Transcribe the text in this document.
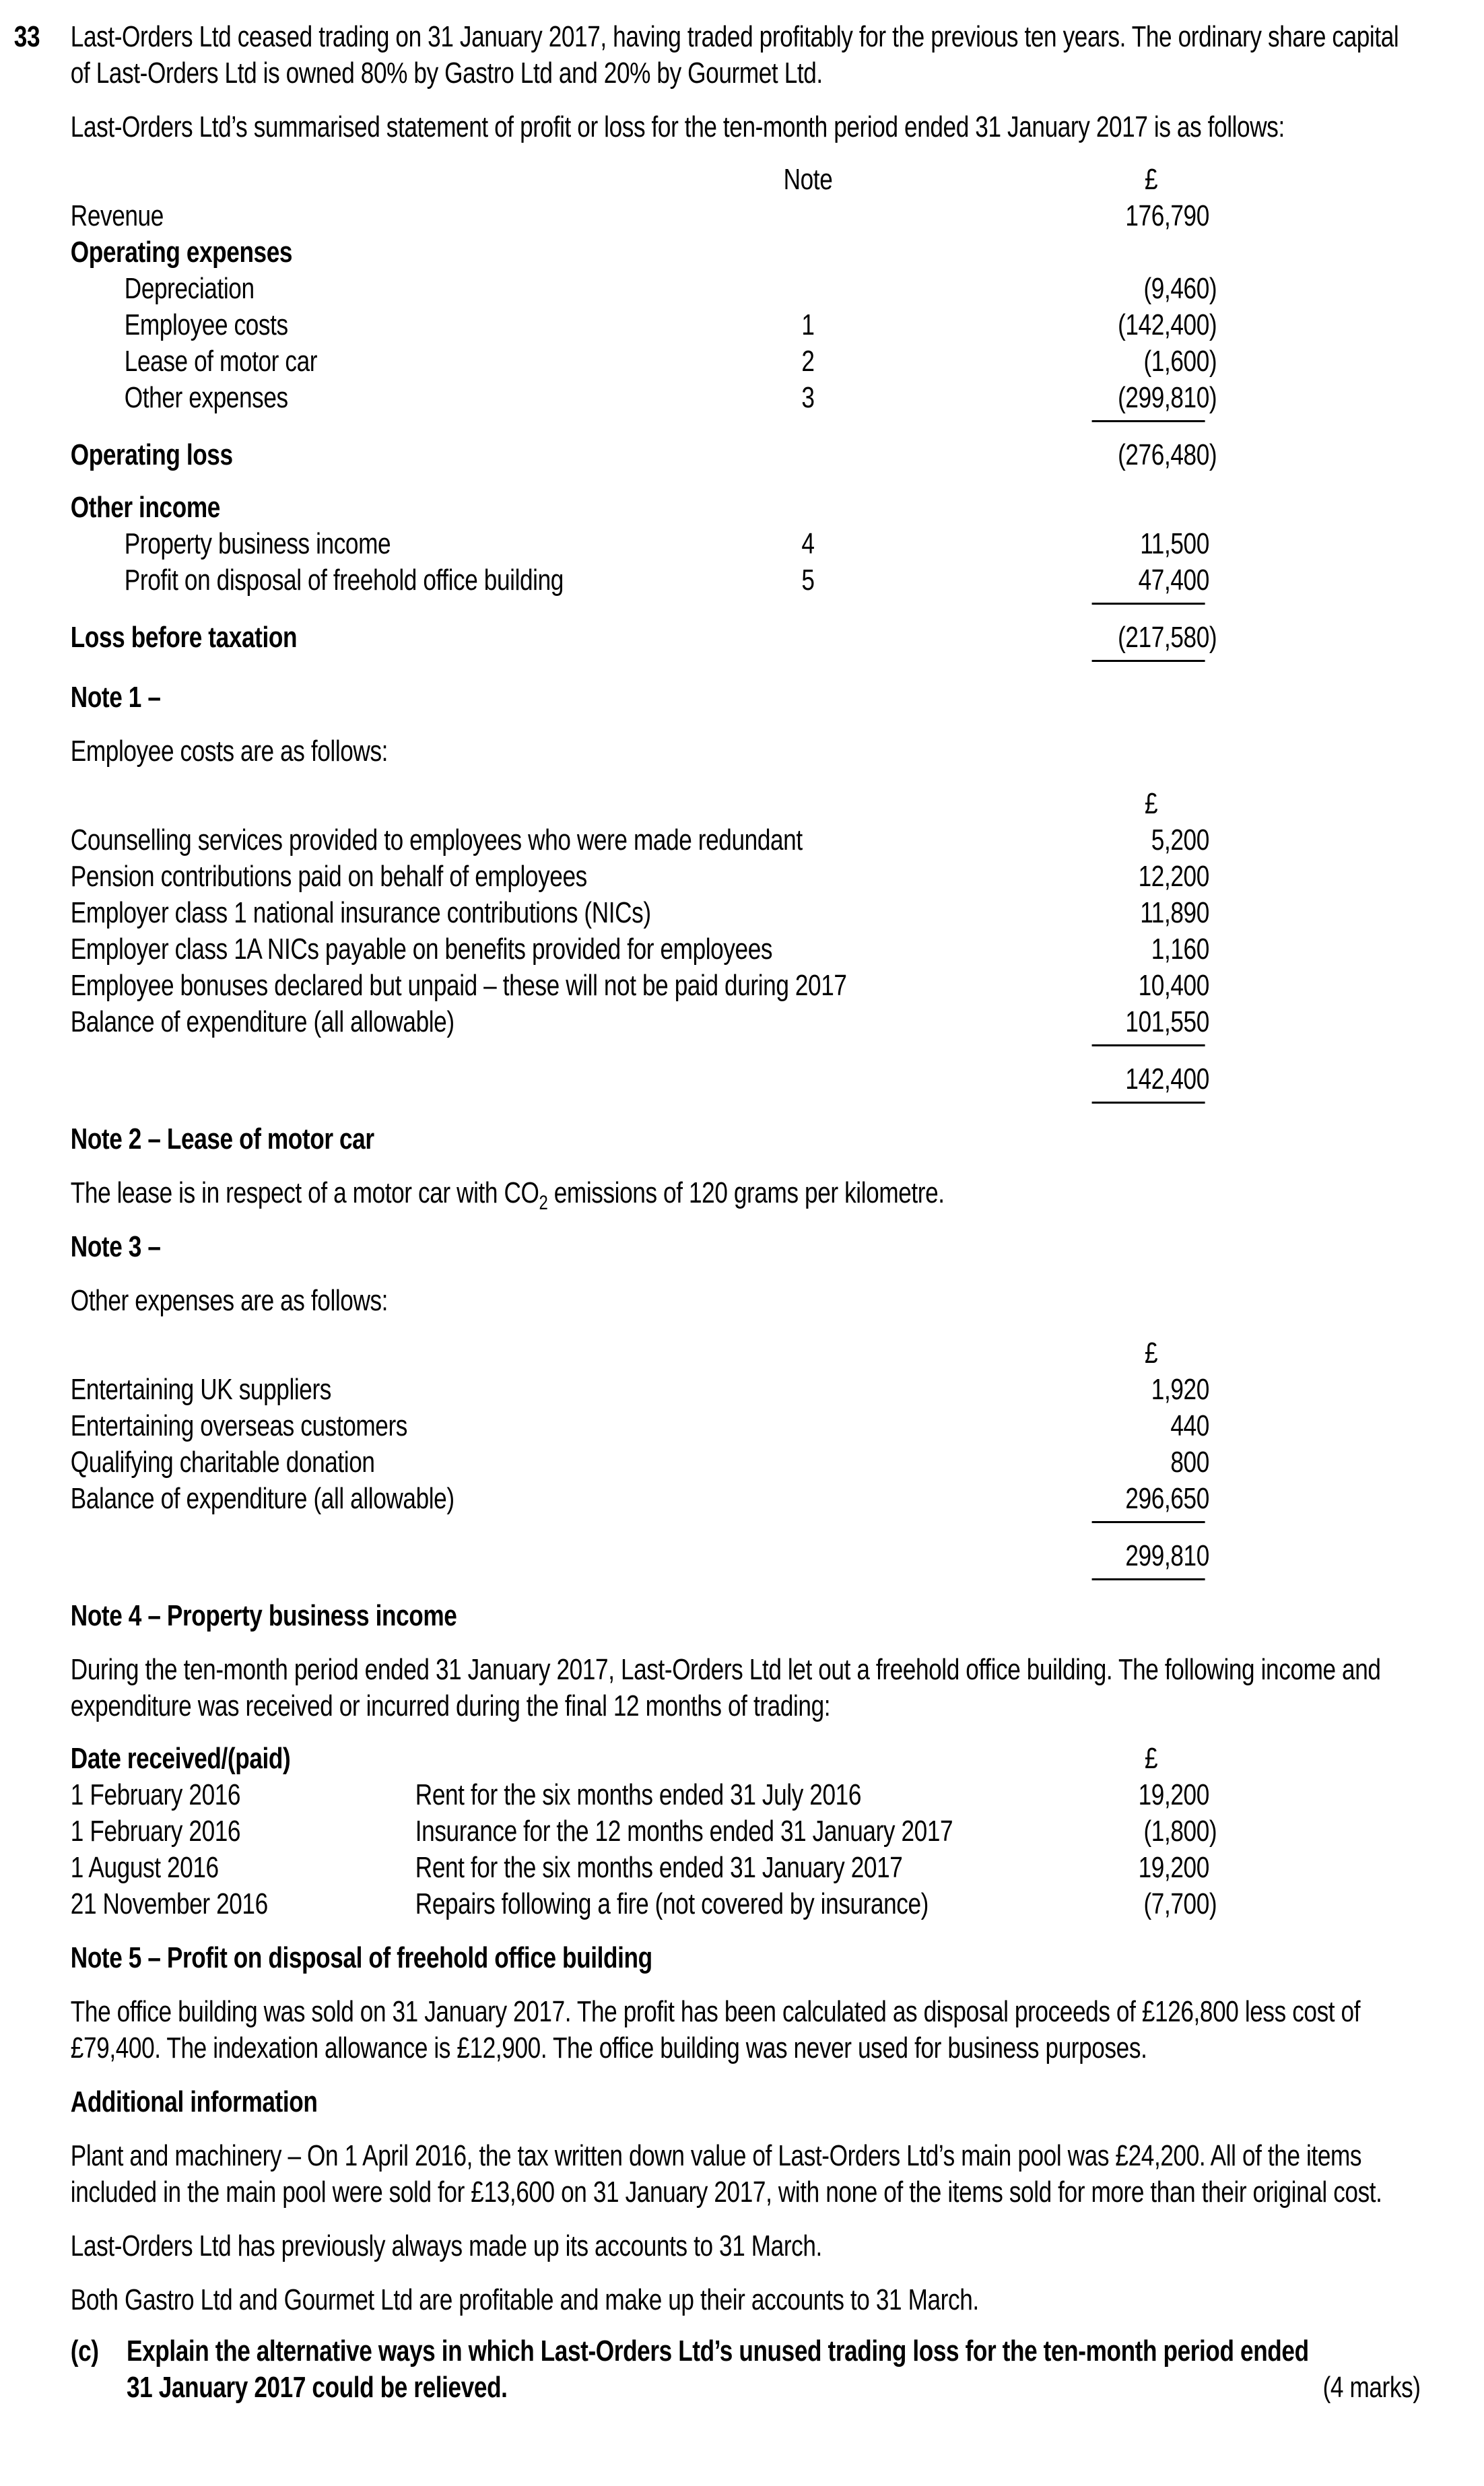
33	Last-Orders Ltd ceased trading on 31 January 2017, having traded profitably for the previous ten years. The ordinary share capital of Last-Orders Ltd is owned 80% by Gastro Ltd and 20% by Gourmet Ltd.

Last-Orders Ltd’s summarised statement of profit or loss for the ten-month period ended 31 January 2017 is as follows:

Note	£
Revenue	176,790
Operating expenses
Depreciation	(9,460)
Employee costs	1	(142,400)
Lease of motor car	2	(1,600)
Other expenses	3	(299,810)
Operating loss	(276,480)
Other income
Property business income	4	11,500
Profit on disposal of freehold office building	5	47,400
Loss before taxation	(217,580)
Note 1 –

Employee costs are as follows:

£
Counselling services provided to employees who were made redundant	5,200
Pension contributions paid on behalf of employees	12,200
Employer class 1 national insurance contributions (NICs)	11,890
Employer class 1A NICs payable on benefits provided for employees	1,160
Employee bonuses declared but unpaid – these will not be paid during 2017	10,400
Balance of expenditure (all allowable)	101,550
142,400
Note 2 – Lease of motor car

The lease is in respect of a motor car with $CO_2$ emissions of 120 grams per kilometre.

Note 3 –

Other expenses are as follows:

£
Entertaining UK suppliers	1,920
Entertaining overseas customers	440
Qualifying charitable donation	800
Balance of expenditure (all allowable)	296,650
299,810
Note 4 – Property business income

During the ten-month period ended 31 January 2017, Last-Orders Ltd let out a freehold office building. The following income and expenditure was received or incurred during the final 12 months of trading:

Date received/(paid)	£
1 February 2016	Rent for the six months ended 31 July 2016	19,200
1 February 2016	Insurance for the 12 months ended 31 January 2017	(1,800)
1 August 2016	Rent for the six months ended 31 January 2017	19,200
21 November 2016	Repairs following a fire (not covered by insurance)	(7,700)
Note 5 – Profit on disposal of freehold office building

The office building was sold on 31 January 2017. The profit has been calculated as disposal proceeds of £126,800 less cost of £79,400. The indexation allowance is £12,900. The office building was never used for business purposes.

Additional information

Plant and machinery – On 1 April 2016, the tax written down value of Last-Orders Ltd’s main pool was £24,200. All of the items included in the main pool were sold for £13,600 on 31 January 2017, with none of the items sold for more than their original cost.

Last-Orders Ltd has previously always made up its accounts to 31 March.

Both Gastro Ltd and Gourmet Ltd are profitable and make up their accounts to 31 March.

(c) Explain the alternative ways in which Last-Orders Ltd’s unused trading loss for the ten-month period ended
31 January 2017 could be relieved.	(4 marks)
